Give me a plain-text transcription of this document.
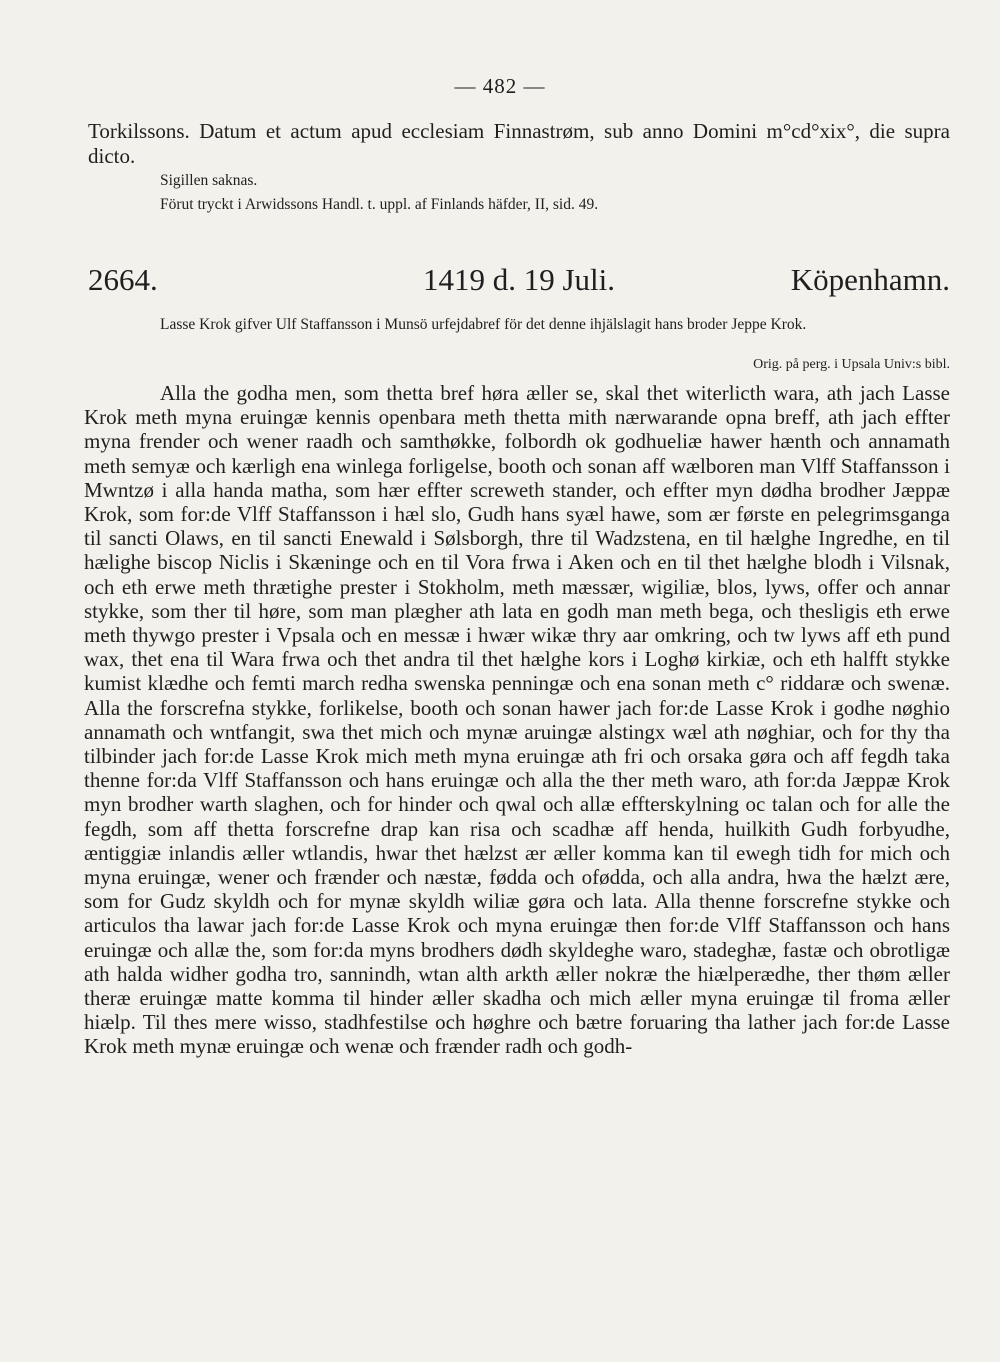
— 482 —

Torkilssons. Datum et actum apud ecclesiam Finnastrøm, sub anno Domini m°cd°xix°, die supra dicto.

Sigillen saknas.
Förut tryckt i Arwidssons Handl. t. uppl. af Finlands häfder, II, sid. 49.
2664.	1419 d. 19 Juli.	Köpenhamn.
Lasse Krok gifver Ulf Staffansson i Munsö urfejdabref för det denne ihjälslagit hans broder Jeppe Krok.
Orig. på perg. i Upsala Univ:s bibl.

Alla the godha men, som thetta bref høra æller se, skal thet witerlicth wara, ath jach Lasse Krok meth myna eruingæ kennis openbara meth thetta mith nærwarande opna breff, ath jach effter myna frender och wener raadh och samthøkke, folbordh ok godhueliæ hawer hænth och annamath meth semyæ och kærligh ena winlega forligelse, booth och sonan aff wælboren man Vlff Staffansson i Mwntzø i alla handa matha, som hær effter screweth stander, och effter myn dødha brodher Jæppæ Krok, som for:de Vlff Staffansson i hæl slo, Gudh hans syæl hawe, som ær første en pelegrimsganga til sancti Olaws, en til sancti Enewald i Sølsborgh, thre til Wadzstena, en til hælghe Ingredhe, en til hælighe biscop Niclis i Skæninge och en til Vora frwa i Aken och en til thet hælghe blodh i Vilsnak, och eth erwe meth thrætighe prester i Stokholm, meth mæssær, wigiliæ, blos, lyws, offer och annar stykke, som ther til høre, som man plægher ath lata en godh man meth bega, och thesligis eth erwe meth thywgo prester i Vpsala och en messæ i hwær wikæ thry aar omkring, och tw lyws aff eth pund wax, thet ena til Wara frwa och thet andra til thet hælghe kors i Loghø kirkiæ, och eth halfft stykke kumist klædhe och femti march redha swenska penningæ och ena sonan meth c° riddaræ och swenæ. Alla the forscrefna stykke, forlikelse, booth och sonan hawer jach for:de Lasse Krok i godhe nøghio annamath och wntfangit, swa thet mich och mynæ aruingæ alstingx wæl ath nøghiar, och for thy tha tilbinder jach for:de Lasse Krok mich meth myna eruingæ ath fri och orsaka gøra och aff fegdh taka thenne for:da Vlff Staffansson och hans eruingæ och alla the ther meth waro, ath for:da Jæppæ Krok myn brodher warth slaghen, och for hinder och qwal och allæ effterskylning oc talan och for alle the fegdh, som aff thetta forscrefne drap kan risa och scadhæ aff henda, huilkith Gudh forbyudhe, æntiggiæ inlandis æller wtlandis, hwar thet hælzst ær æller komma kan til ewegh tidh for mich och myna eruingæ, wener och frænder och næstæ, fødda och ofødda, och alla andra, hwa the hælzt ære, som for Gudz skyldh och for mynæ skyldh wiliæ gøra och lata. Alla thenne forscrefne stykke och articulos tha lawar jach for:de Lasse Krok och myna eruingæ then for:de Vlff Staffansson och hans eruingæ och allæ the, som for:da myns brodhers dødh skyldeghe waro, stadeghæ, fastæ och obrotligæ ath halda widher godha tro, sannindh, wtan alth arkth æller nokræ the hiælperædhe, ther thøm æller theræ eruingæ matte komma til hinder æller skadha och mich æller myna eruingæ til froma æller hiælp. Til thes mere wisso, stadhfestilse och høghre och bætre foruaring tha lather jach for:de Lasse Krok meth mynæ eruingæ och wenæ och frænder radh och godh-
